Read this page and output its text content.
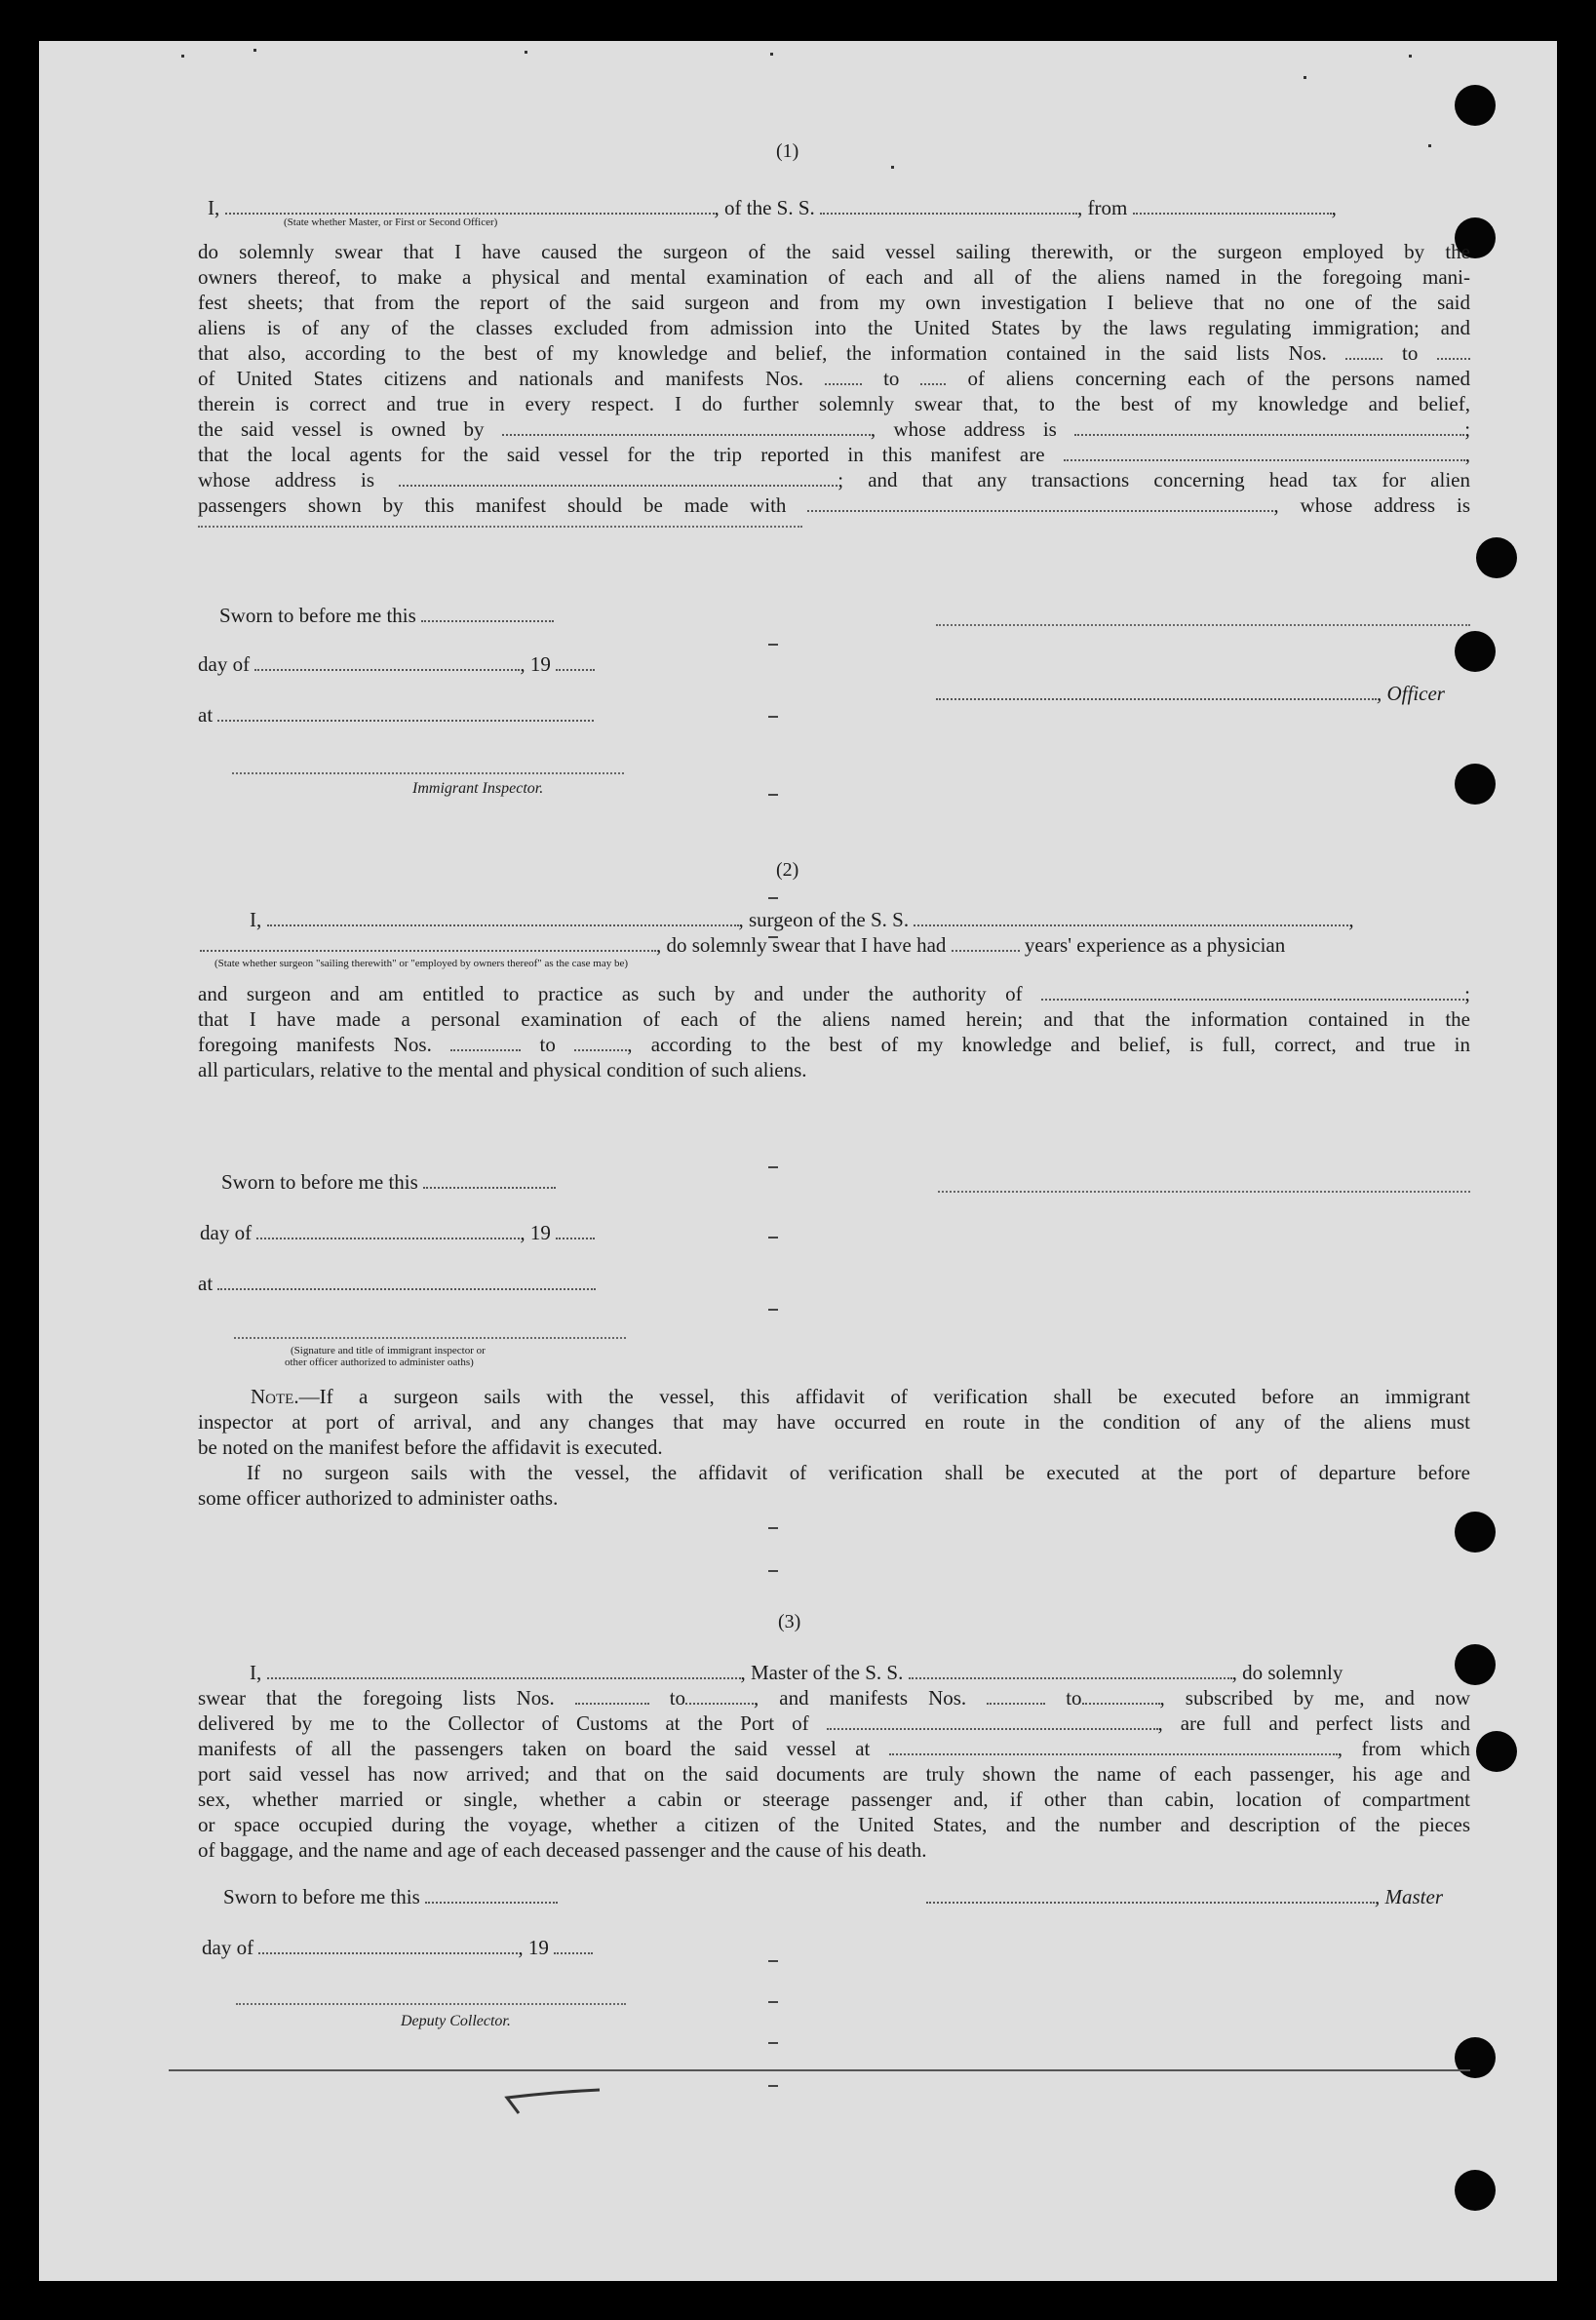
(1)
I,	, of the S. S.	, from	,
(State whether Master, or First or Second Officer)
do solemnly swear that I have caused the surgeon of the said vessel sailing therewith, or the surgeon employed by the
owners thereof, to make a physical and mental examination of each and all of the aliens named in the foregoing mani-
fest sheets; that from the report of the said surgeon and from my own investigation I believe that no one of the said
aliens is of any of the classes excluded from admission into the United States by the laws regulating immigration; and
that also, according to the best of my knowledge and belief, the information contained in the said lists Nos.	to
of United States citizens and nationals and manifests Nos.	to	of aliens concerning each of the persons named
therein is correct and true in every respect. I do further solemnly swear that, to the best of my knowledge and belief,
the said vessel is owned by	, whose address is	;
that the local agents for the said vessel for the trip reported in this manifest are	,
whose address is	; and that any transactions concerning head tax for alien
passengers shown by this manifest should be made with	, whose address is
Sworn to before me this
day of	, 19
, Officer
at
Immigrant Inspector.
(2)
I,	, surgeon of the S. S.	,
, do solemnly swear that I have had	years' experience as a physician
(State whether surgeon "sailing therewith" or "employed by owners thereof" as the case may be)
and surgeon and am entitled to practice as such by and under the authority of	;
that I have made a personal examination of each of the aliens named herein; and that the information contained in the
foregoing manifests Nos.	to	, according to the best of my knowledge and belief, is full, correct, and true in
all particulars, relative to the mental and physical condition of such aliens.
Sworn to before me this
day of	, 19
at
(Signature and title of immigrant inspector or
other officer authorized to administer oaths)
Note.—If a surgeon sails with the vessel, this affidavit of verification shall be executed before an immigrant
inspector at port of arrival, and any changes that may have occurred en route in the condition of any of the aliens must
be noted on the manifest before the affidavit is executed.
If no surgeon sails with the vessel, the affidavit of verification shall be executed at the port of departure before
some officer authorized to administer oaths.
(3)
I,	, Master of the S. S.	, do solemnly
swear that the foregoing lists Nos.	to	, and manifests Nos.	to	, subscribed by me, and now
delivered by me to the Collector of Customs at the Port of	, are full and perfect lists and
manifests of all the passengers taken on board the said vessel at	, from which
port said vessel has now arrived; and that on the said documents are truly shown the name of each passenger, his age and
sex, whether married or single, whether a cabin or steerage passenger and, if other than cabin, location of compartment
or space occupied during the voyage, whether a citizen of the United States, and the number and description of the pieces
of baggage, and the name and age of each deceased passenger and the cause of his death.
Sworn to before me this	, Master
day of	, 19
Deputy Collector.
